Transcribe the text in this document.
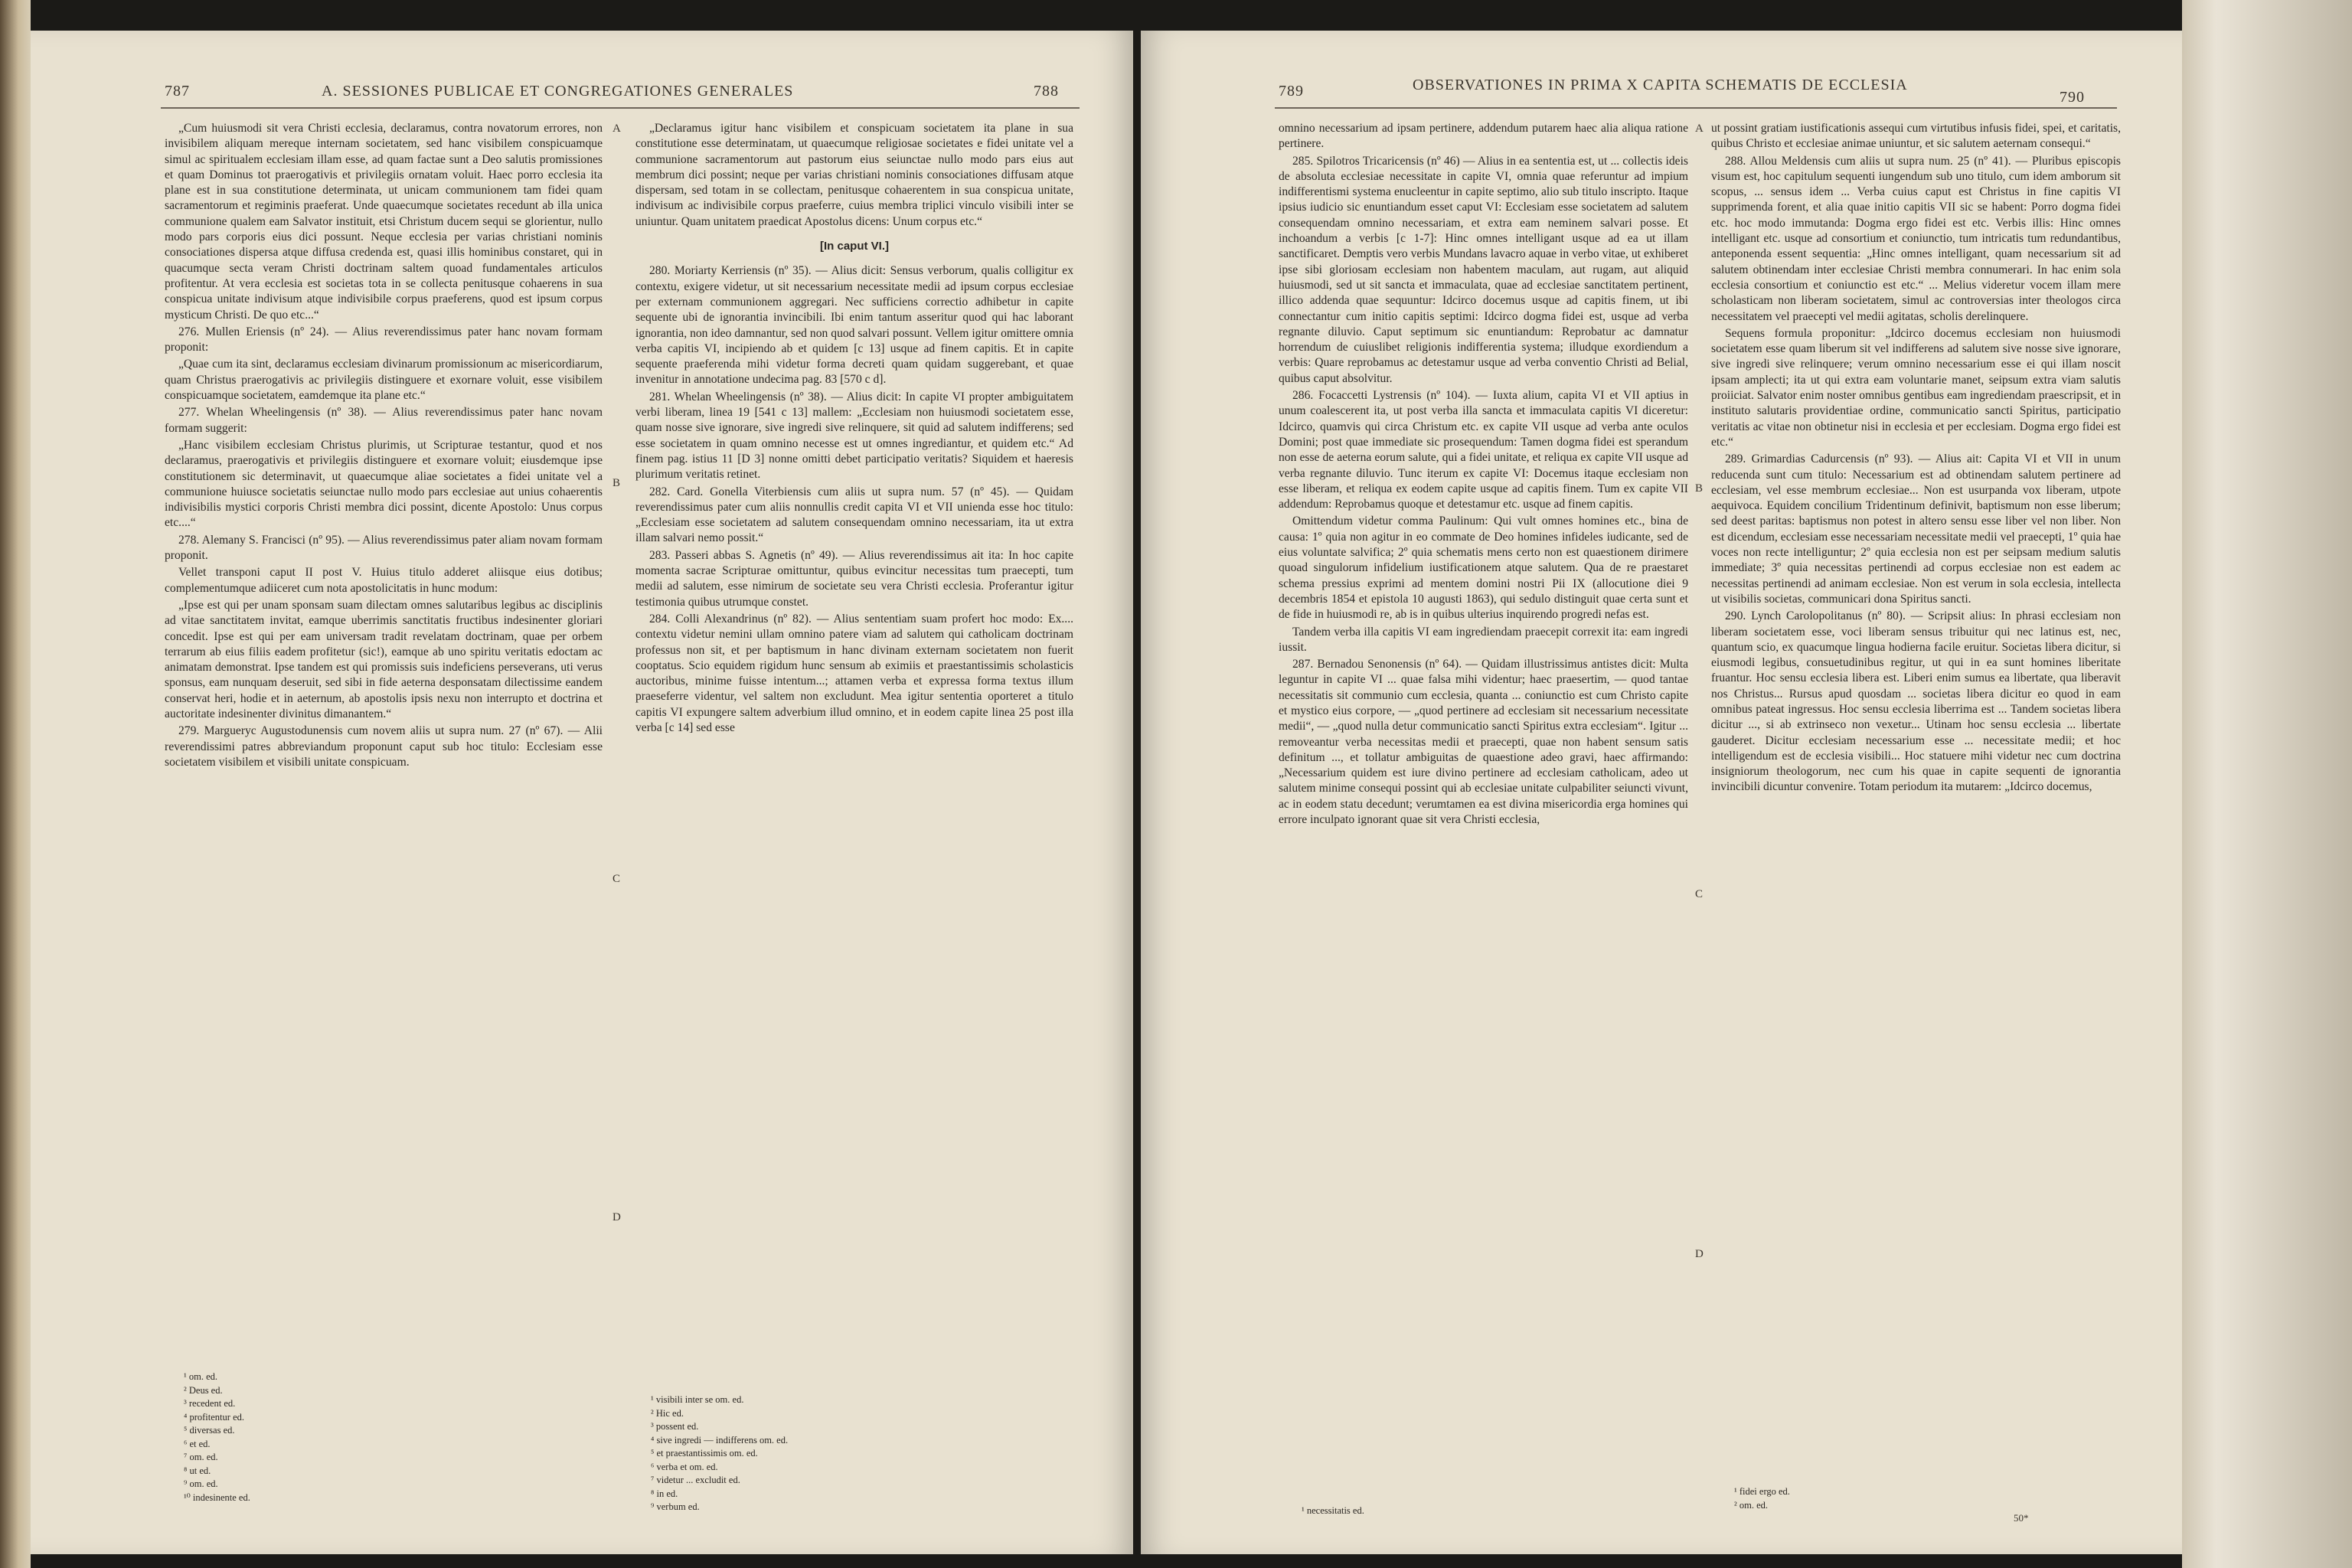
A. SESSIONES PUBLICAE ET CONGREGATIONES GENERALES
787	788

„Cum huiusmodi sit vera Christi ecclesia, declaramus, contra novatorum errores, non invisibilem aliquam mereque internam societatem, sed hanc visibilem conspicuamque simul ac spiritualem ecclesiam illam esse, ad quam factae sunt a Deo salutis promissiones et quam Dominus tot praerogativis et privilegiis ornatam voluit. Haec porro ecclesia ita plane est in sua constitutione determinata, ut unicam communionem tam fidei quam sacramentorum et regiminis praeferat. Unde quaecumque societates recedunt ab illa unica communione qualem eam Salvator instituit, etsi Christum ducem sequi se glorientur, nullo modo pars corporis eius dici possunt. Neque ecclesia per varias christiani nominis consociationes dispersa atque diffusa credenda est, quasi illis hominibus constaret, qui in quacumque secta veram Christi doctrinam saltem quoad fundamentales articulos profitentur. At vera ecclesia est societas tota in se collecta penitusque cohaerens in sua conspicua unitate indivisum atque indivisibile corpus praeferens, quod est ipsum corpus mysticum Christi. De quo etc...“

276. Mullen Eriensis (nº 24). — Alius reverendissimus pater hanc novam formam proponit:

„Quae cum ita sint, declaramus ecclesiam divinarum promissionum ac misericordiarum, quam Christus praerogativis ac privilegiis distinguere et exornare voluit, esse visibilem conspicuamque societatem, eamdemque ita plane etc.“

277. Whelan Wheelingensis (nº 38). — Alius reverendissimus pater hanc novam formam suggerit:

„Hanc visibilem ecclesiam Christus plurimis, ut Scripturae testantur, quod et nos declaramus, praerogativis et privilegiis distinguere et exornare voluit; eiusdemque ipse constitutionem sic determinavit, ut quaecumque aliae societates a fidei unitate vel a communione huiusce societatis seiunctae nullo modo pars ecclesiae aut unius cohaerentis indivisibilis mystici corporis Christi membra dici possint, dicente Apostolo: Unus corpus etc....“

278. Alemany S. Francisci (nº 95). — Alius reverendissimus pater aliam novam formam proponit.

Vellet transponi caput II post V. Huius titulo adderet aliisque eius dotibus; complementumque adiiceret cum nota apostolicitatis in hunc modum:

„Ipse est qui per unam sponsam suam dilectam omnes salutaribus legibus ac disciplinis ad vitae sanctitatem invitat, eamque uberrimis sanctitatis fructibus indesinenter gloriari concedit. Ipse est qui per eam universam tradit revelatam doctrinam, quae per orbem terrarum ab eius filiis eadem profitetur (sic!), eamque ab uno spiritu veritatis edoctam ac animatam demonstrat. Ipse tandem est qui promissis suis indeficiens perseverans, uti verus sponsus, eam nunquam deseruit, sed sibi in fide aeterna desponsatam dilectissime eandem conservat heri, hodie et in aeternum, ab apostolis ipsis nexu non interrupto et doctrina et auctoritate indesinenter divinitus dimanantem.“

279. Margueryc Augustodunensis cum novem aliis ut supra num. 27 (nº 67). — Alii reverendissimi patres abbreviandum proponunt caput sub hoc titulo: Ecclesiam esse societatem visibilem et visibili unitate conspicuam.

„Declaramus igitur hanc visibilem et conspicuam societatem ita plane in sua constitutione esse determinatam, ut quaecumque religiosae societates e fidei unitate vel a communione sacramentorum aut pastorum eius seiunctae nullo modo pars eius aut membrum dici possint; neque per varias christiani nominis consociationes diffusam atque dispersam, sed totam in se collectam, penitusque cohaerentem in sua conspicua unitate, indivisum ac indivisibile corpus praeferre, cuius membra triplici vinculo visibili inter se uniuntur. Quam unitatem praedicat Apostolus dicens: Unum corpus etc.“

[In caput VI.]

280. Moriarty Kerriensis (nº 35). — Alius dicit: Sensus verborum, qualis colligitur ex contextu, exigere videtur, ut sit necessarium necessitate medii ad ipsum corpus ecclesiae per externam communionem aggregari. Nec sufficiens correctio adhibetur in capite sequente ubi de ignorantia invincibili. Ibi enim tantum asseritur quod qui hac laborant ignorantia, non ideo damnantur, sed non quod salvari possunt. Vellem igitur omittere omnia verba capitis VI, incipiendo ab et quidem [c 13] usque ad finem capitis. Et in capite sequente praeferenda mihi videtur forma decreti quam quidam suggerebant, et quae invenitur in annotatione undecima pag. 83 [570 c d].

281. Whelan Wheelingensis (nº 38). — Alius dicit: In capite VI propter ambiguitatem verbi liberam, linea 19 [541 c 13] mallem: „Ecclesiam non huiusmodi societatem esse, quam nosse sive ignorare, sive ingredi sive relinquere, sit quid ad salutem indifferens; sed esse societatem in quam omnino necesse est ut omnes ingrediantur, et quidem etc.“ Ad finem pag. istius 11 [D 3] nonne omitti debet participatio veritatis? Siquidem et haeresis plurimum veritatis retinet.

282. Card. Gonella Viterbiensis cum aliis ut supra num. 57 (nº 45). — Quidam reverendissimus pater cum aliis nonnullis credit capita VI et VII unienda esse hoc titulo: „Ecclesiam esse societatem ad salutem consequendam omnino necessariam, ita ut extra illam salvari nemo possit.“

283. Passeri abbas S. Agnetis (nº 49). — Alius reverendissimus ait ita: In hoc capite momenta sacrae Scripturae omittuntur, quibus evincitur necessitas tum praecepti, tum medii ad salutem, esse nimirum de societate seu vera Christi ecclesia. Proferantur igitur testimonia quibus utrumque constet.

284. Colli Alexandrinus (nº 82). — Alius sententiam suam profert hoc modo: Ex.... contextu videtur nemini ullam omnino patere viam ad salutem qui catholicam doctrinam professus non sit, et per baptismum in hanc divinam externam societatem non fuerit cooptatus. Scio equidem rigidum hunc sensum ab eximiis et praestantissimis scholasticis auctoribus, minime fuisse intentum...; attamen verba et expressa forma textus illum praeseferre videntur, vel saltem non excludunt. Mea igitur sententia oporteret a titulo capitis VI expungere saltem adverbium illud omnino, et in eodem capite linea 25 post illa verba [c 14] sed esse

A
B
C
D
¹ om. ed.
² Deus ed.
³ recedent ed.
⁴ profitentur ed.
⁵ diversas ed.
⁶ et ed.
⁷ om. ed.
⁸ ut ed.
⁹ om. ed.
¹⁰ indesinente ed.
¹ visibili inter se om. ed.
² Hic ed.
³ possent ed.
⁴ sive ingredi — indifferens om. ed.
⁵ et praestantissimis om. ed.
⁶ verba et om. ed.
⁷ videtur ... excludit ed.
⁸ in ed.
⁹ verbum ed.
789	OBSERVATIONES IN PRIMA X CAPITA SCHEMATIS DE ECCLESIA
790

omnino necessarium ad ipsam pertinere, addendum putarem haec alia aliqua ratione pertinere.

285. Spilotros Tricaricensis (nº 46) — Alius in ea sententia est, ut ... collectis ideis de absoluta ecclesiae necessitate in capite VI, omnia quae referuntur ad impium indifferentismi systema enucleentur in capite septimo, alio sub titulo inscripto. Itaque ipsius iudicio sic enuntiandum esset caput VI: Ecclesiam esse societatem ad salutem consequendam omnino necessariam, et extra eam neminem salvari posse. Et inchoandum a verbis [c 1-7]: Hinc omnes intelligant usque ad ea ut illam sanctificaret. Demptis vero verbis Mundans lavacro aquae in verbo vitae, ut exhiberet ipse sibi gloriosam ecclesiam non habentem maculam, aut rugam, aut aliquid huiusmodi, sed ut sit sancta et immaculata, quae ad ecclesiae sanctitatem pertinent, illico addenda quae sequuntur: Idcirco docemus usque ad capitis finem, ut ibi connectantur cum initio capitis septimi: Idcirco dogma fidei est, usque ad verba regnante diluvio. Caput septimum sic enuntiandum: Reprobatur ac damnatur horrendum de cuiuslibet religionis indifferentia systema; illudque exordiendum a verbis: Quare reprobamus ac detestamur usque ad verba conventio Christi ad Belial, quibus caput absolvitur.

286. Focaccetti Lystrensis (nº 104). — Iuxta alium, capita VI et VII aptius in unum coalescerent ita, ut post verba illa sancta et immaculata capitis VI diceretur: Idcirco, quamvis qui circa Christum etc. ex capite VII usque ad verba ante oculos Domini; post quae immediate sic prosequendum: Tamen dogma fidei est sperandum non esse de aeterna eorum salute, qui a fidei unitate, et reliqua ex capite VII usque ad verba regnante diluvio. Tunc iterum ex capite VI: Docemus itaque ecclesiam non esse liberam, et reliqua ex eodem capite usque ad capitis finem. Tum ex capite VII addendum: Reprobamus quoque et detestamur etc. usque ad finem capitis.

Omittendum videtur comma Paulinum: Qui vult omnes homines etc., bina de causa: 1º quia non agitur in eo commate de Deo homines infideles iudicante, sed de eius voluntate salvifica; 2º quia schematis mens certo non est quaestionem dirimere quoad singulorum infidelium iustificationem atque salutem. Qua de re praestaret schema pressius exprimi ad mentem domini nostri Pii IX (allocutione diei 9 decembris 1854 et epistola 10 augusti 1863), qui sedulo distinguit quae certa sunt et de fide in huiusmodi re, ab is in quibus ulterius inquirendo progredi nefas est.

Tandem verba illa capitis VI eam ingrediendam praecepit correxit ita: eam ingredi iussit.

287. Bernadou Senonensis (nº 64). — Quidam illustrissimus antistes dicit: Multa leguntur in capite VI ... quae falsa mihi videntur; haec praesertim, — quod tantae necessitatis sit communio cum ecclesia, quanta ... coniunctio est cum Christo capite et mystico eius corpore, — „quod pertinere ad ecclesiam sit necessarium necessitate medii“, — „quod nulla detur communicatio sancti Spiritus extra ecclesiam“. Igitur ... removeantur verba necessitas medii et praecepti, quae non habent sensum satis definitum ..., et tollatur ambiguitas de quaestione adeo gravi, haec affirmando: „Necessarium quidem est iure divino pertinere ad ecclesiam catholicam, adeo ut salutem minime consequi possint qui ab ecclesiae unitate culpabiliter seiuncti vivunt, ac in eodem statu decedunt; verumtamen ea est divina misericordia erga homines qui errore inculpato ignorant quae sit vera Christi ecclesia,

ut possint gratiam iustificationis assequi cum virtutibus infusis fidei, spei, et caritatis, quibus Christo et ecclesiae animae uniuntur, et sic salutem aeternam consequi.“

288. Allou Meldensis cum aliis ut supra num. 25 (nº 41). — Pluribus episcopis visum est, hoc capitulum sequenti iungendum sub uno titulo, cum idem amborum sit scopus, ... sensus idem ... Verba cuius caput est Christus in fine capitis VI supprimenda forent, et alia quae initio capitis VII sic se habent: Porro dogma fidei etc. hoc modo immutanda: Dogma ergo fidei est etc. Verbis illis: Hinc omnes intelligant etc. usque ad consortium et coniunctio, tum intricatis tum redundantibus, anteponenda essent sequentia: „Hinc omnes intelligant, quam necessarium sit ad salutem obtinendam inter ecclesiae Christi membra connumerari. In hac enim sola ecclesia consortium et coniunctio est etc.“ ... Melius videretur vocem illam mere scholasticam non liberam societatem, simul ac controversias inter theologos circa necessitatem vel praecepti vel medii agitatas, scholis derelinquere.

Sequens formula proponitur: „Idcirco docemus ecclesiam non huiusmodi societatem esse quam liberum sit vel indifferens ad salutem sive nosse sive ignorare, sive ingredi sive relinquere; verum omnino necessarium esse ei qui illam noscit ipsam amplecti; ita ut qui extra eam voluntarie manet, seipsum extra viam salutis proiiciat. Salvator enim noster omnibus gentibus eam ingrediendam praescripsit, et in instituto salutaris providentiae ordine, communicatio sancti Spiritus, participatio veritatis ac vitae non obtinetur nisi in ecclesia et per ecclesiam. Dogma ergo fidei est etc.“

289. Grimardias Cadurcensis (nº 93). — Alius ait: Capita VI et VII in unum reducenda sunt cum titulo: Necessarium est ad obtinendam salutem pertinere ad ecclesiam, vel esse membrum ecclesiae... Non est usurpanda vox liberam, utpote aequivoca. Equidem concilium Tridentinum definivit, baptismum non esse liberum; sed deest paritas: baptismus non potest in altero sensu esse liber vel non liber. Non est dicendum, ecclesiam esse necessariam necessitate medii vel praecepti, 1º quia hae voces non recte intelliguntur; 2º quia ecclesia non est per seipsam medium salutis immediate; 3º quia necessitas pertinendi ad corpus ecclesiae non est eadem ac necessitas pertinendi ad animam ecclesiae. Non est verum in sola ecclesia, intellecta ut visibilis societas, communicari dona Spiritus sancti.

290. Lynch Carolopolitanus (nº 80). — Scripsit alius: In phrasi ecclesiam non liberam societatem esse, voci liberam sensus tribuitur qui nec latinus est, nec, quantum scio, ex quacumque lingua hodierna facile eruitur. Societas libera dicitur, si eiusmodi legibus, consuetudinibus regitur, ut qui in ea sunt homines liberitate fruantur. Hoc sensu ecclesia libera est. Liberi enim sumus ea libertate, qua liberavit nos Christus... Rursus apud quosdam ... societas libera dicitur eo quod in eam omnibus pateat ingressus. Hoc sensu ecclesia liberrima est ... Tandem societas libera dicitur ..., si ab extrinseco non vexetur... Utinam hoc sensu ecclesia ... libertate gauderet. Dicitur ecclesiam necessarium esse ... necessitate medii; et hoc intelligendum est de ecclesia visibili... Hoc statuere mihi videtur nec cum doctrina insigniorum theologorum, nec cum his quae in capite sequenti de ignorantia invincibili dicuntur convenire. Totam periodum ita mutarem: „Idcirco docemus,

A
B
C
D
¹ necessitatis ed.
¹ fidei ergo ed.
² om. ed.
50*
